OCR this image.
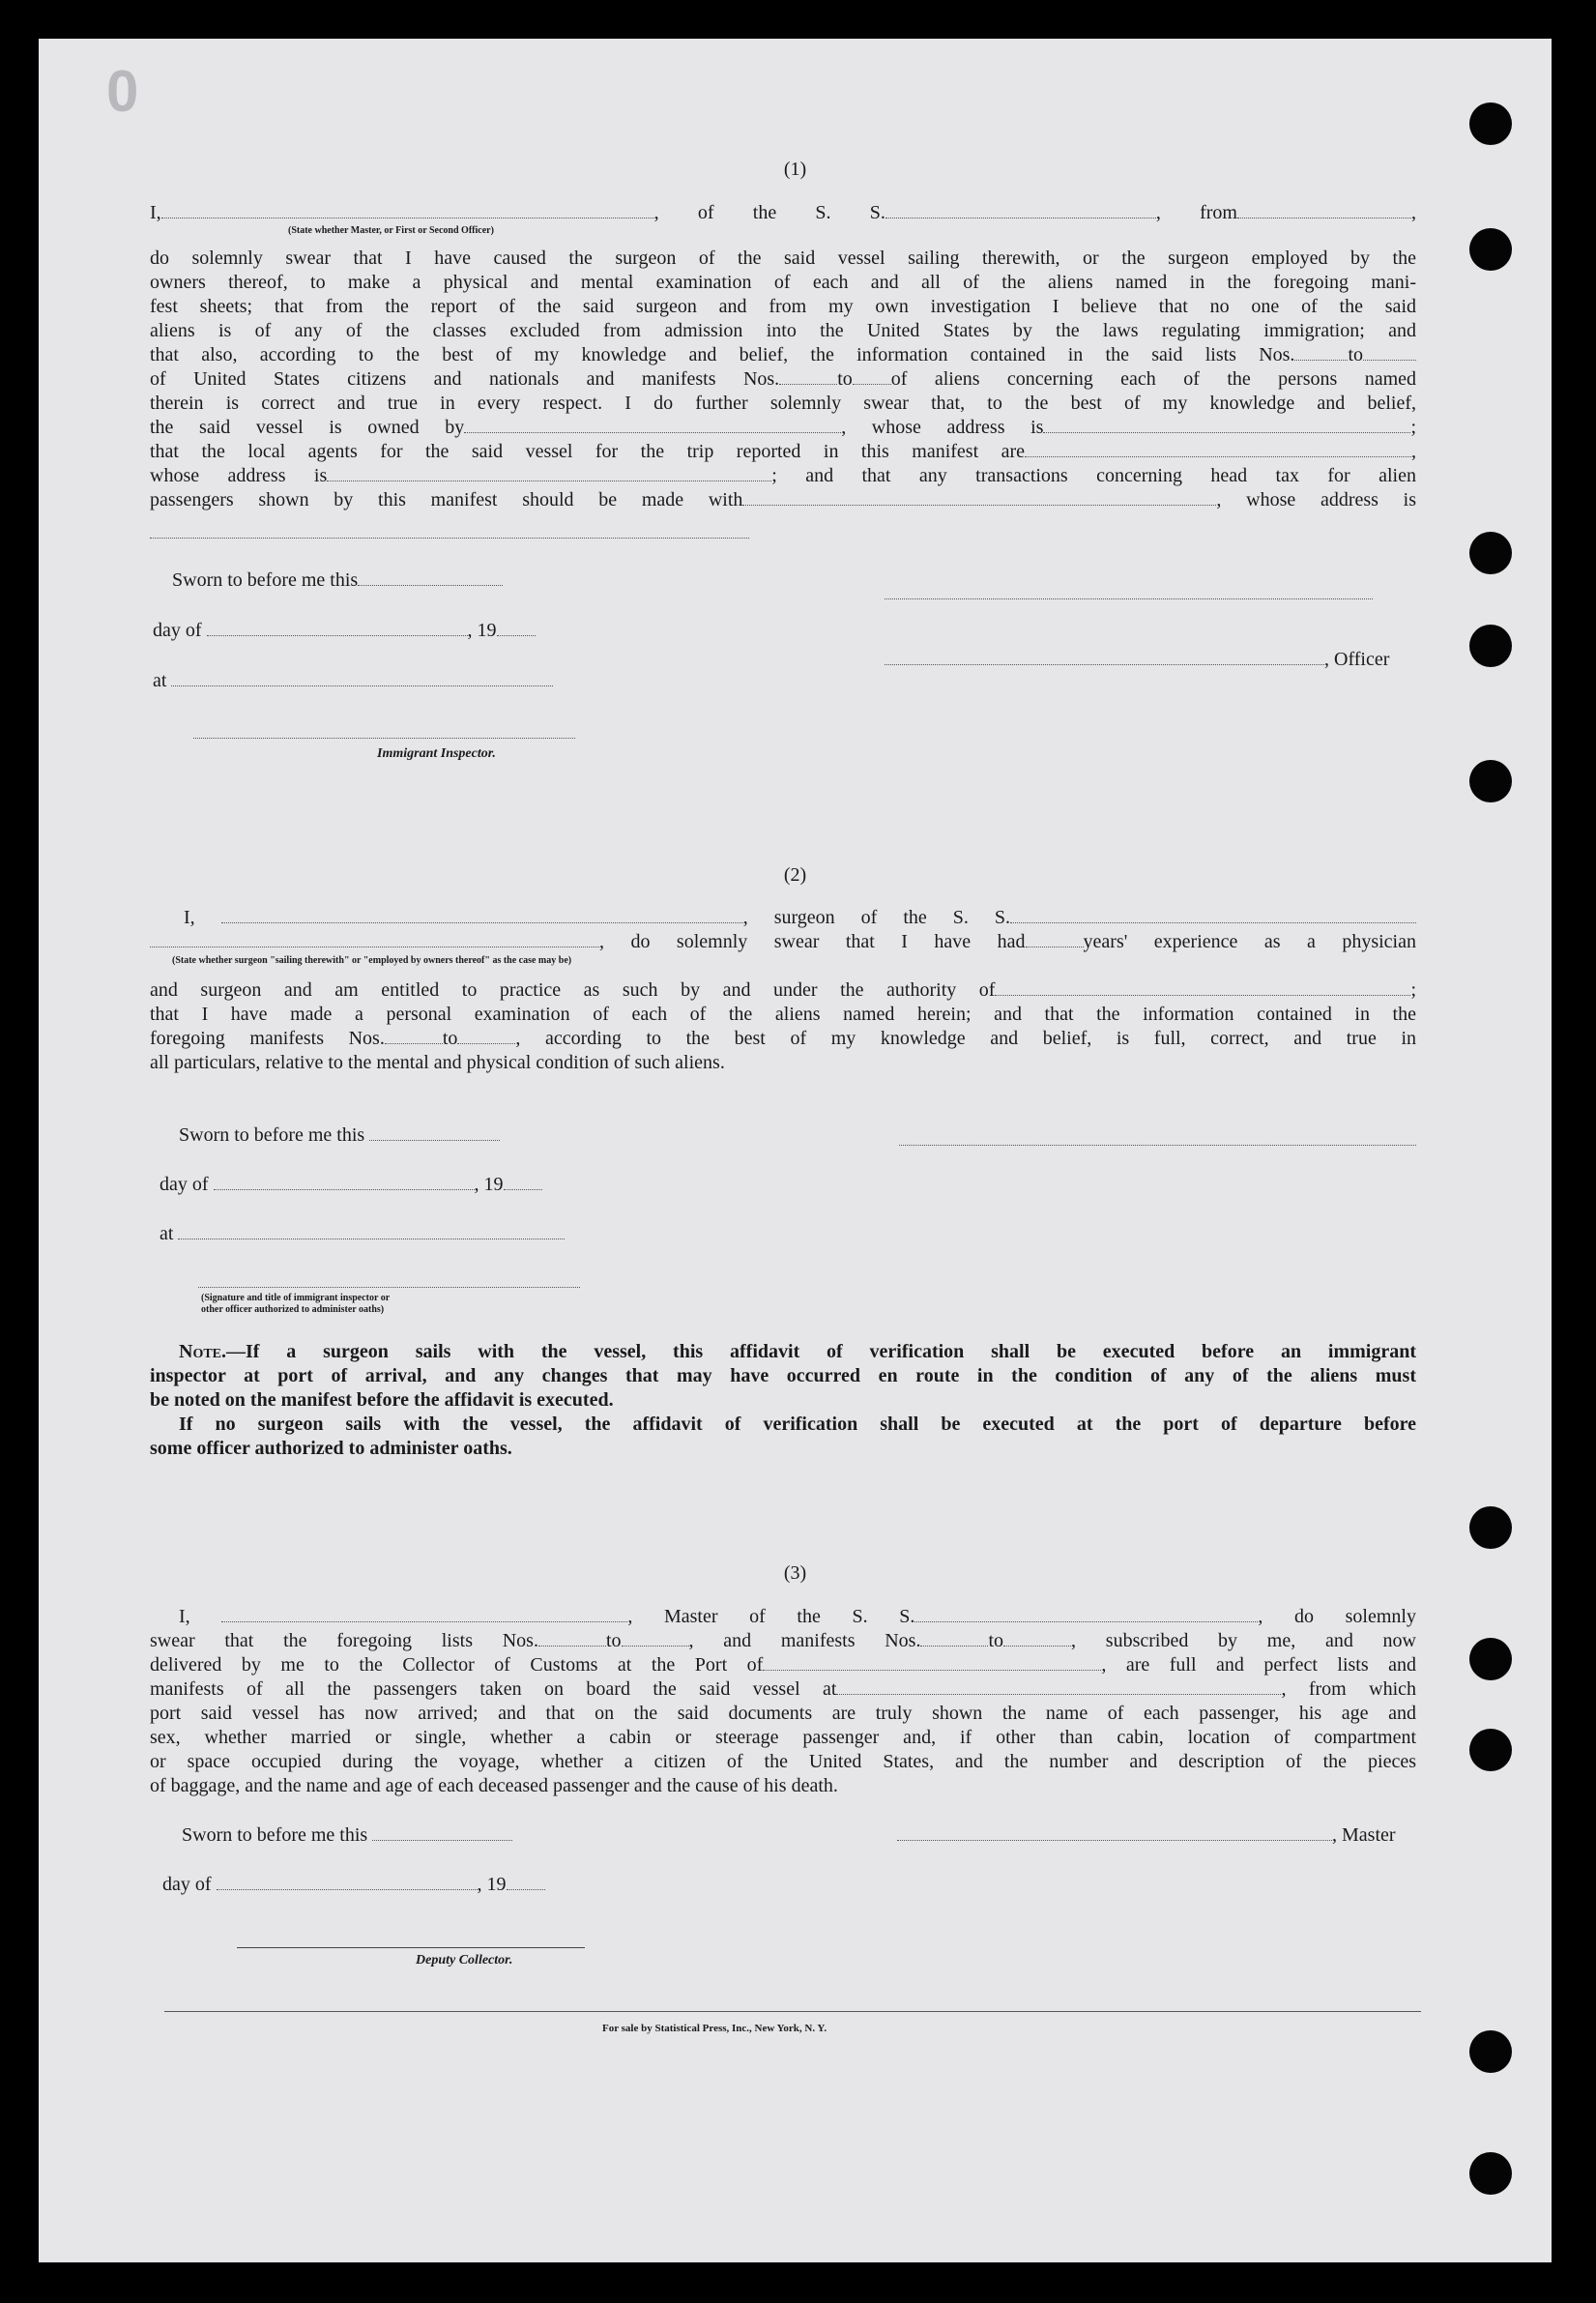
0
(1)
I,	, of the S. S.	, from	,
(State whether Master, or First or Second Officer)
do solemnly swear that I have caused the surgeon of the said vessel sailing therewith, or the surgeon employed by the
owners thereof, to make a physical and mental examination of each and all of the aliens named in the foregoing mani-
fest sheets; that from the report of the said surgeon and from my own investigation I believe that no one of the said
aliens is of any of the classes excluded from admission into the United States by the laws regulating immigration; and
that also, according to the best of my knowledge and belief, the information contained in the said lists Nos.	to
of United States citizens and nationals and manifests Nos.	to of aliens concerning each of the persons named
therein is correct and true in every respect. I do further solemnly swear that, to the best of my knowledge and belief,
the said vessel is owned by	, whose address is	;
that the local agents for the said vessel for the trip reported in this manifest are	,
whose address is	; and that any transactions concerning head tax for alien
passengers shown by this manifest should be made with	, whose address is
Sworn to before me this
day of	, 19
at
Immigrant Inspector.
, Officer
(2)
I,	, surgeon of the S. S.
, do solemnly swear that I have had	years' experience as a physician
(State whether surgeon "sailing therewith" or "employed by owners thereof" as the case may be)
and surgeon and am entitled to practice as such by and under the authority of	;
that I have made a personal examination of each of the aliens named herein; and that the information contained in the
foregoing manifests Nos.	to	, according to the best of my knowledge and belief, is full, correct, and true in
all particulars, relative to the mental and physical condition of such aliens.
Sworn to before me this
day of	, 19
at
(Signature and title of immigrant inspector or
other officer authorized to administer oaths)
Note.—If a surgeon sails with the vessel, this affidavit of verification shall be executed before an immigrant
inspector at port of arrival, and any changes that may have occurred en route in the condition of any of the aliens must
be noted on the manifest before the affidavit is executed.
If no surgeon sails with the vessel, the affidavit of verification shall be executed at the port of departure before
some officer authorized to administer oaths.
(3)
I,	, Master of the S. S.	, do solemnly
swear that the foregoing lists Nos.	to	, and manifests Nos.	to	, subscribed by me, and now
delivered by me to the Collector of Customs at the Port of	, are full and perfect lists and
manifests of all the passengers taken on board the said vessel at	, from which
port said vessel has now arrived; and that on the said documents are truly shown the name of each passenger, his age and
sex, whether married or single, whether a cabin or steerage passenger and, if other than cabin, location of compartment
or space occupied during the voyage, whether a citizen of the United States, and the number and description of the pieces
of baggage, and the name and age of each deceased passenger and the cause of his death.
Sworn to before me this	, Master
day of	, 19
Deputy Collector.
For sale by Statistical Press, Inc., New York, N. Y.
